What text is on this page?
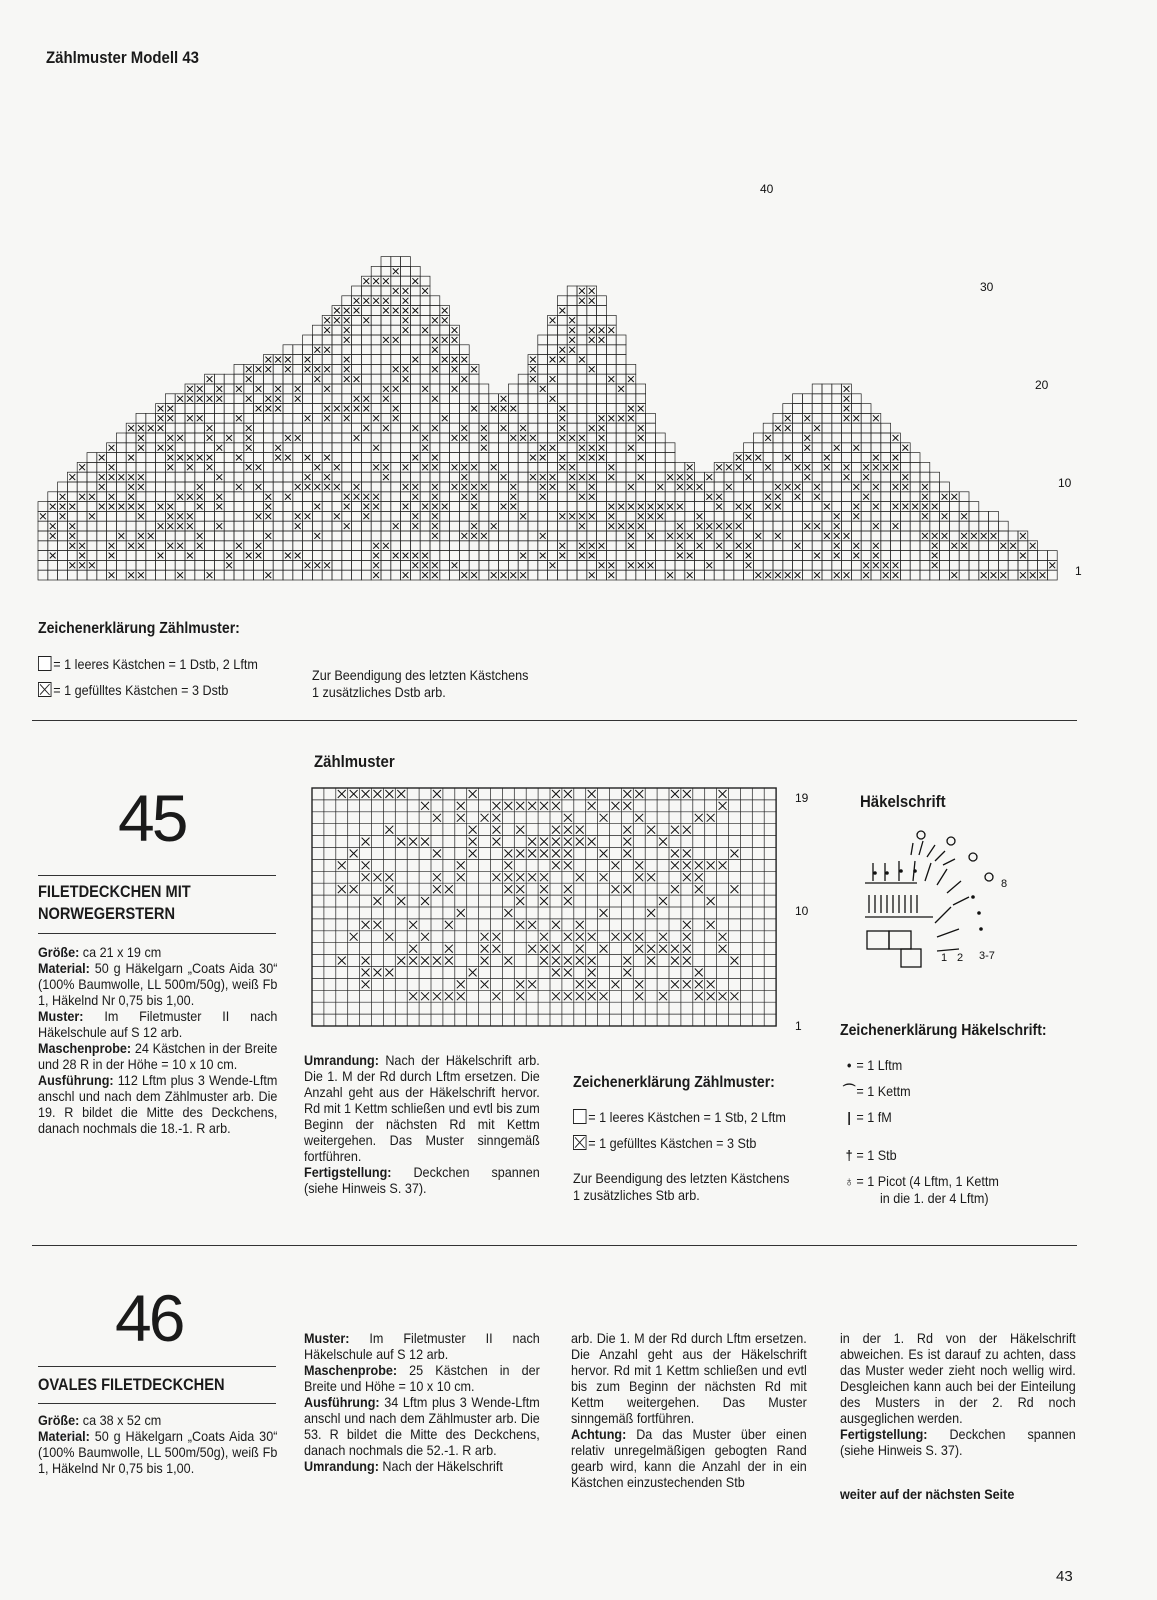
Zählmuster Modell 43
40
30
20
10
1
Zeichenerklärung Zählmuster:
= 1 leeres Kästchen = 1 Dstb, 2 Lftm
= 1 gefülltes Kästchen = 3 Dstb
Zur Beendigung des letzten Kästchens
1 zusätzliches Dstb arb.
45
FILETDECKCHEN MIT
NORWEGERSTERN
Größe: ca 21 x 19 cm
Material: 50 g Häkelgarn „Coats Aida 30“ (100% Baumwolle, LL 500m/50g), weiß Fb 1, Häkelnd Nr 0,75 bis 1,00.
Muster: Im Filetmuster II nach Häkelschule auf S 12 arb.
Maschenprobe: 24 Kästchen in der Breite und 28 R in der Höhe = 10 x 10 cm.
Ausführung: 112 Lftm plus 3 Wende-Lftm anschl und nach dem Zählmuster arb. Die 19. R bildet die Mitte des Deckchens, danach nochmals die 18.-1. R arb.
Zählmuster
19
10
1
Umrandung: Nach der Häkelschrift arb. Die 1. M der Rd durch Lftm ersetzen. Die Anzahl geht aus der Häkelschrift hervor. Rd mit 1 Kettm schließen und evtl bis zum Beginn der nächsten Rd mit Kettm weitergehen. Das Muster sinngemäß fortführen.
Fertigstellung: Deckchen spannen (siehe Hinweis S. 37).
Zeichenerklärung Zählmuster:
= 1 leeres Kästchen = 1 Stb, 2 Lftm
= 1 gefülltes Kästchen = 3 Stb
Zur Beendigung des letzten Kästchens
1 zusätzliches Stb arb.
Häkelschrift
8
1 2 3-7
Zeichenerklärung Häkelschrift:
• = 1 Lftm
⌒= 1 Kettm
| = 1 fM
† = 1 Stb
♁ = 1 Picot (4 Lftm, 1 Kettm
in die 1. der 4 Lftm)
46
OVALES FILETDECKCHEN
Größe: ca 38 x 52 cm
Material: 50 g Häkelgarn „Coats Aida 30“ (100% Baumwolle, LL 500m/50g), weiß Fb 1, Häkelnd Nr 0,75 bis 1,00.
Muster: Im Filetmuster II nach Häkelschule auf S 12 arb.
Maschenprobe: 25 Kästchen in der Breite und Höhe = 10 x 10 cm.
Ausführung: 34 Lftm plus 3 Wende-Lftm anschl und nach dem Zählmuster arb. Die 53. R bildet die Mitte des Deckchens, danach nochmals die 52.-1. R arb.
Umrandung: Nach der Häkelschrift
arb. Die 1. M der Rd durch Lftm ersetzen. Die Anzahl geht aus der Häkelschrift hervor. Rd mit 1 Kettm schließen und evtl bis zum Beginn der nächsten Rd mit Kettm weitergehen. Das Muster sinngemäß fortführen.
Achtung: Da das Muster über einen relativ unregelmäßigen gebogten Rand gearb wird, kann die Anzahl der in ein Kästchen einzustechenden Stb
in der 1. Rd von der Häkelschrift abweichen. Es ist darauf zu achten, dass das Muster weder zieht noch wellig wird. Desgleichen kann auch bei der Einteilung des Musters in der 2. Rd noch ausgeglichen werden.
Fertigstellung: Deckchen spannen (siehe Hinweis S. 37).
weiter auf der nächsten Seite
43
